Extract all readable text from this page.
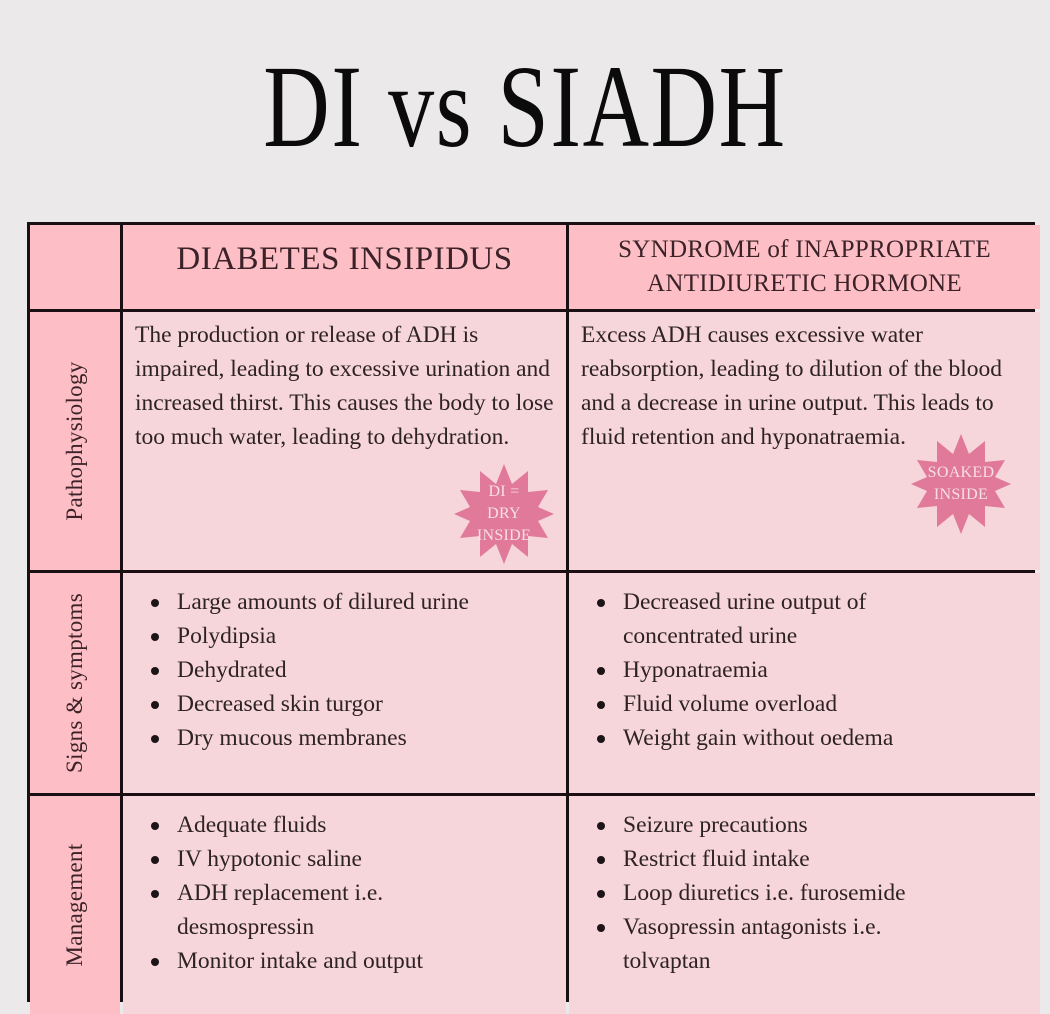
DI vs SIADH
DIABETES INSIPIDUS	SYNDROME of INAPPROPRIATE
ANTIDIURETIC HORMONE
Pathophysiology

The production or release of ADH is impaired, leading to excessive urination and increased thirst. This causes the body to lose too much water, leading to dehydration.

DI =
DRY
INSIDE

Excess ADH causes excessive water reabsorption, leading to dilution of the blood and a decrease in urine output. This leads to fluid retention and hyponatraemia.

SOAKED
INSIDE
Signs & symptoms	Large amounts of dilured urine
Polydipsia
Dehydrated
Decreased skin turgor
Dry mucous membranes
Decreased urine output of concentrated urine
Hyponatraemia
Fluid volume overload
Weight gain without oedema
Management
Adequate fluids
IV hypotonic saline
ADH replacement i.e. desmospressin
Monitor intake and output
Seizure precautions
Restrict fluid intake
Loop diuretics i.e. furosemide
Vasopressin antagonists i.e. tolvaptan
